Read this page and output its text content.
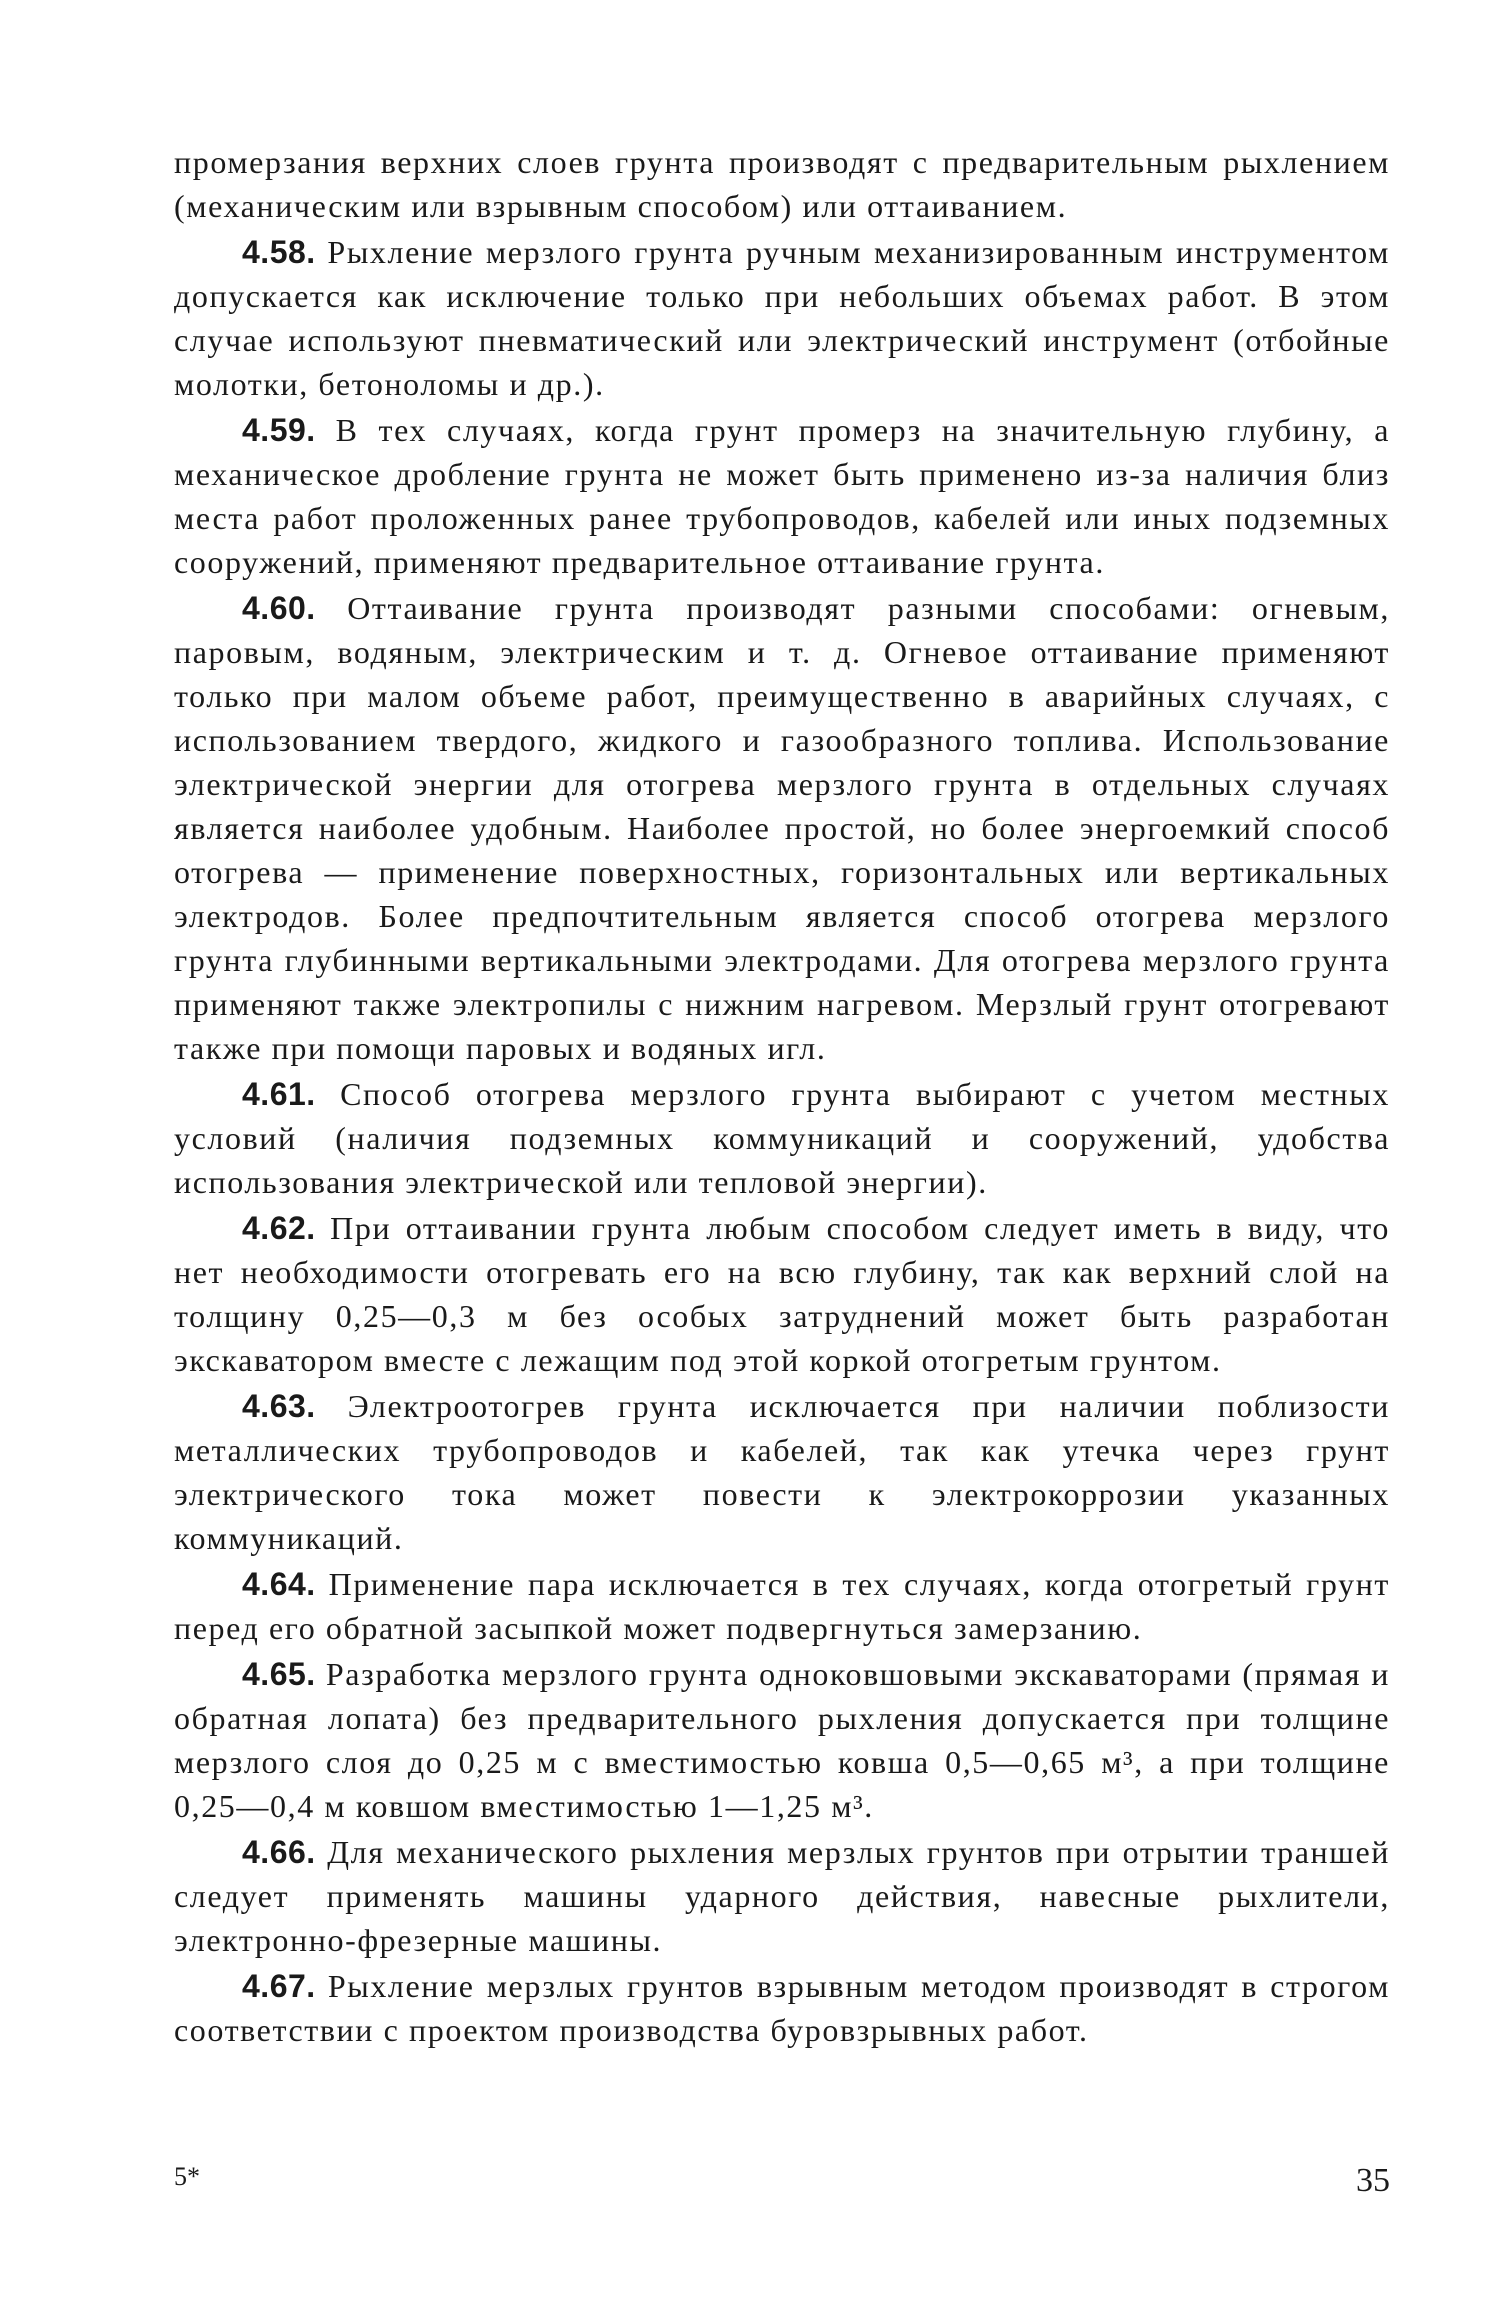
промерзания верхних слоев грунта производят с предварительным рыхлением (механическим или взрывным способом) или оттаиванием.

4.58. Рыхление мерзлого грунта ручным механизированным инструментом допускается как исключение только при небольших объемах работ. В этом случае используют пневматический или электрический инструмент (отбойные молотки, бетоноломы и др.).

4.59. В тех случаях, когда грунт промерз на значительную глубину, а механическое дробление грунта не может быть применено из-за наличия близ места работ проложенных ранее трубопроводов, кабелей или иных подземных сооружений, применяют предварительное оттаивание грунта.

4.60. Оттаивание грунта производят разными способами: огневым, паровым, водяным, электрическим и т. д. Огневое оттаивание применяют только при малом объеме работ, преимущественно в аварийных случаях, с использованием твердого, жидкого и газообразного топлива. Использование электрической энергии для отогрева мерзлого грунта в отдельных случаях является наиболее удобным. Наиболее простой, но более энергоемкий способ отогрева — применение поверхностных, горизонтальных или вертикальных электродов. Более предпочтительным является способ отогрева мерзлого грунта глубинными вертикальными электродами. Для отогрева мерзлого грунта применяют также электропилы с нижним нагревом. Мерзлый грунт отогревают также при помощи паровых и водяных игл.

4.61. Способ отогрева мерзлого грунта выбирают с учетом местных условий (наличия подземных коммуникаций и сооружений, удобства использования электрической или тепловой энергии).

4.62. При оттаивании грунта любым способом следует иметь в виду, что нет необходимости отогревать его на всю глубину, так как верхний слой на толщину 0,25—0,3 м без особых затруднений может быть разработан экскаватором вместе с лежащим под этой коркой отогретым грунтом.

4.63. Электроотогрев грунта исключается при наличии поблизости металлических трубопроводов и кабелей, так как утечка через грунт электрического тока может повести к электрокоррозии указанных коммуникаций.

4.64. Применение пара исключается в тех случаях, когда отогретый грунт перед его обратной засыпкой может подвергнуться замерзанию.

4.65. Разработка мерзлого грунта одноковшовыми экскаваторами (прямая и обратная лопата) без предварительного рыхления допускается при толщине мерзлого слоя до 0,25 м с вместимостью ковша 0,5—0,65 м³, а при толщине 0,25—0,4 м ковшом вместимостью 1—1,25 м³.

4.66. Для механического рыхления мерзлых грунтов при отрытии траншей следует применять машины ударного действия, навесные рыхлители, электронно-фрезерные машины.

4.67. Рыхление мерзлых грунтов взрывным методом производят в строгом соответствии с проектом производства буровзрывных работ.

5*	35
